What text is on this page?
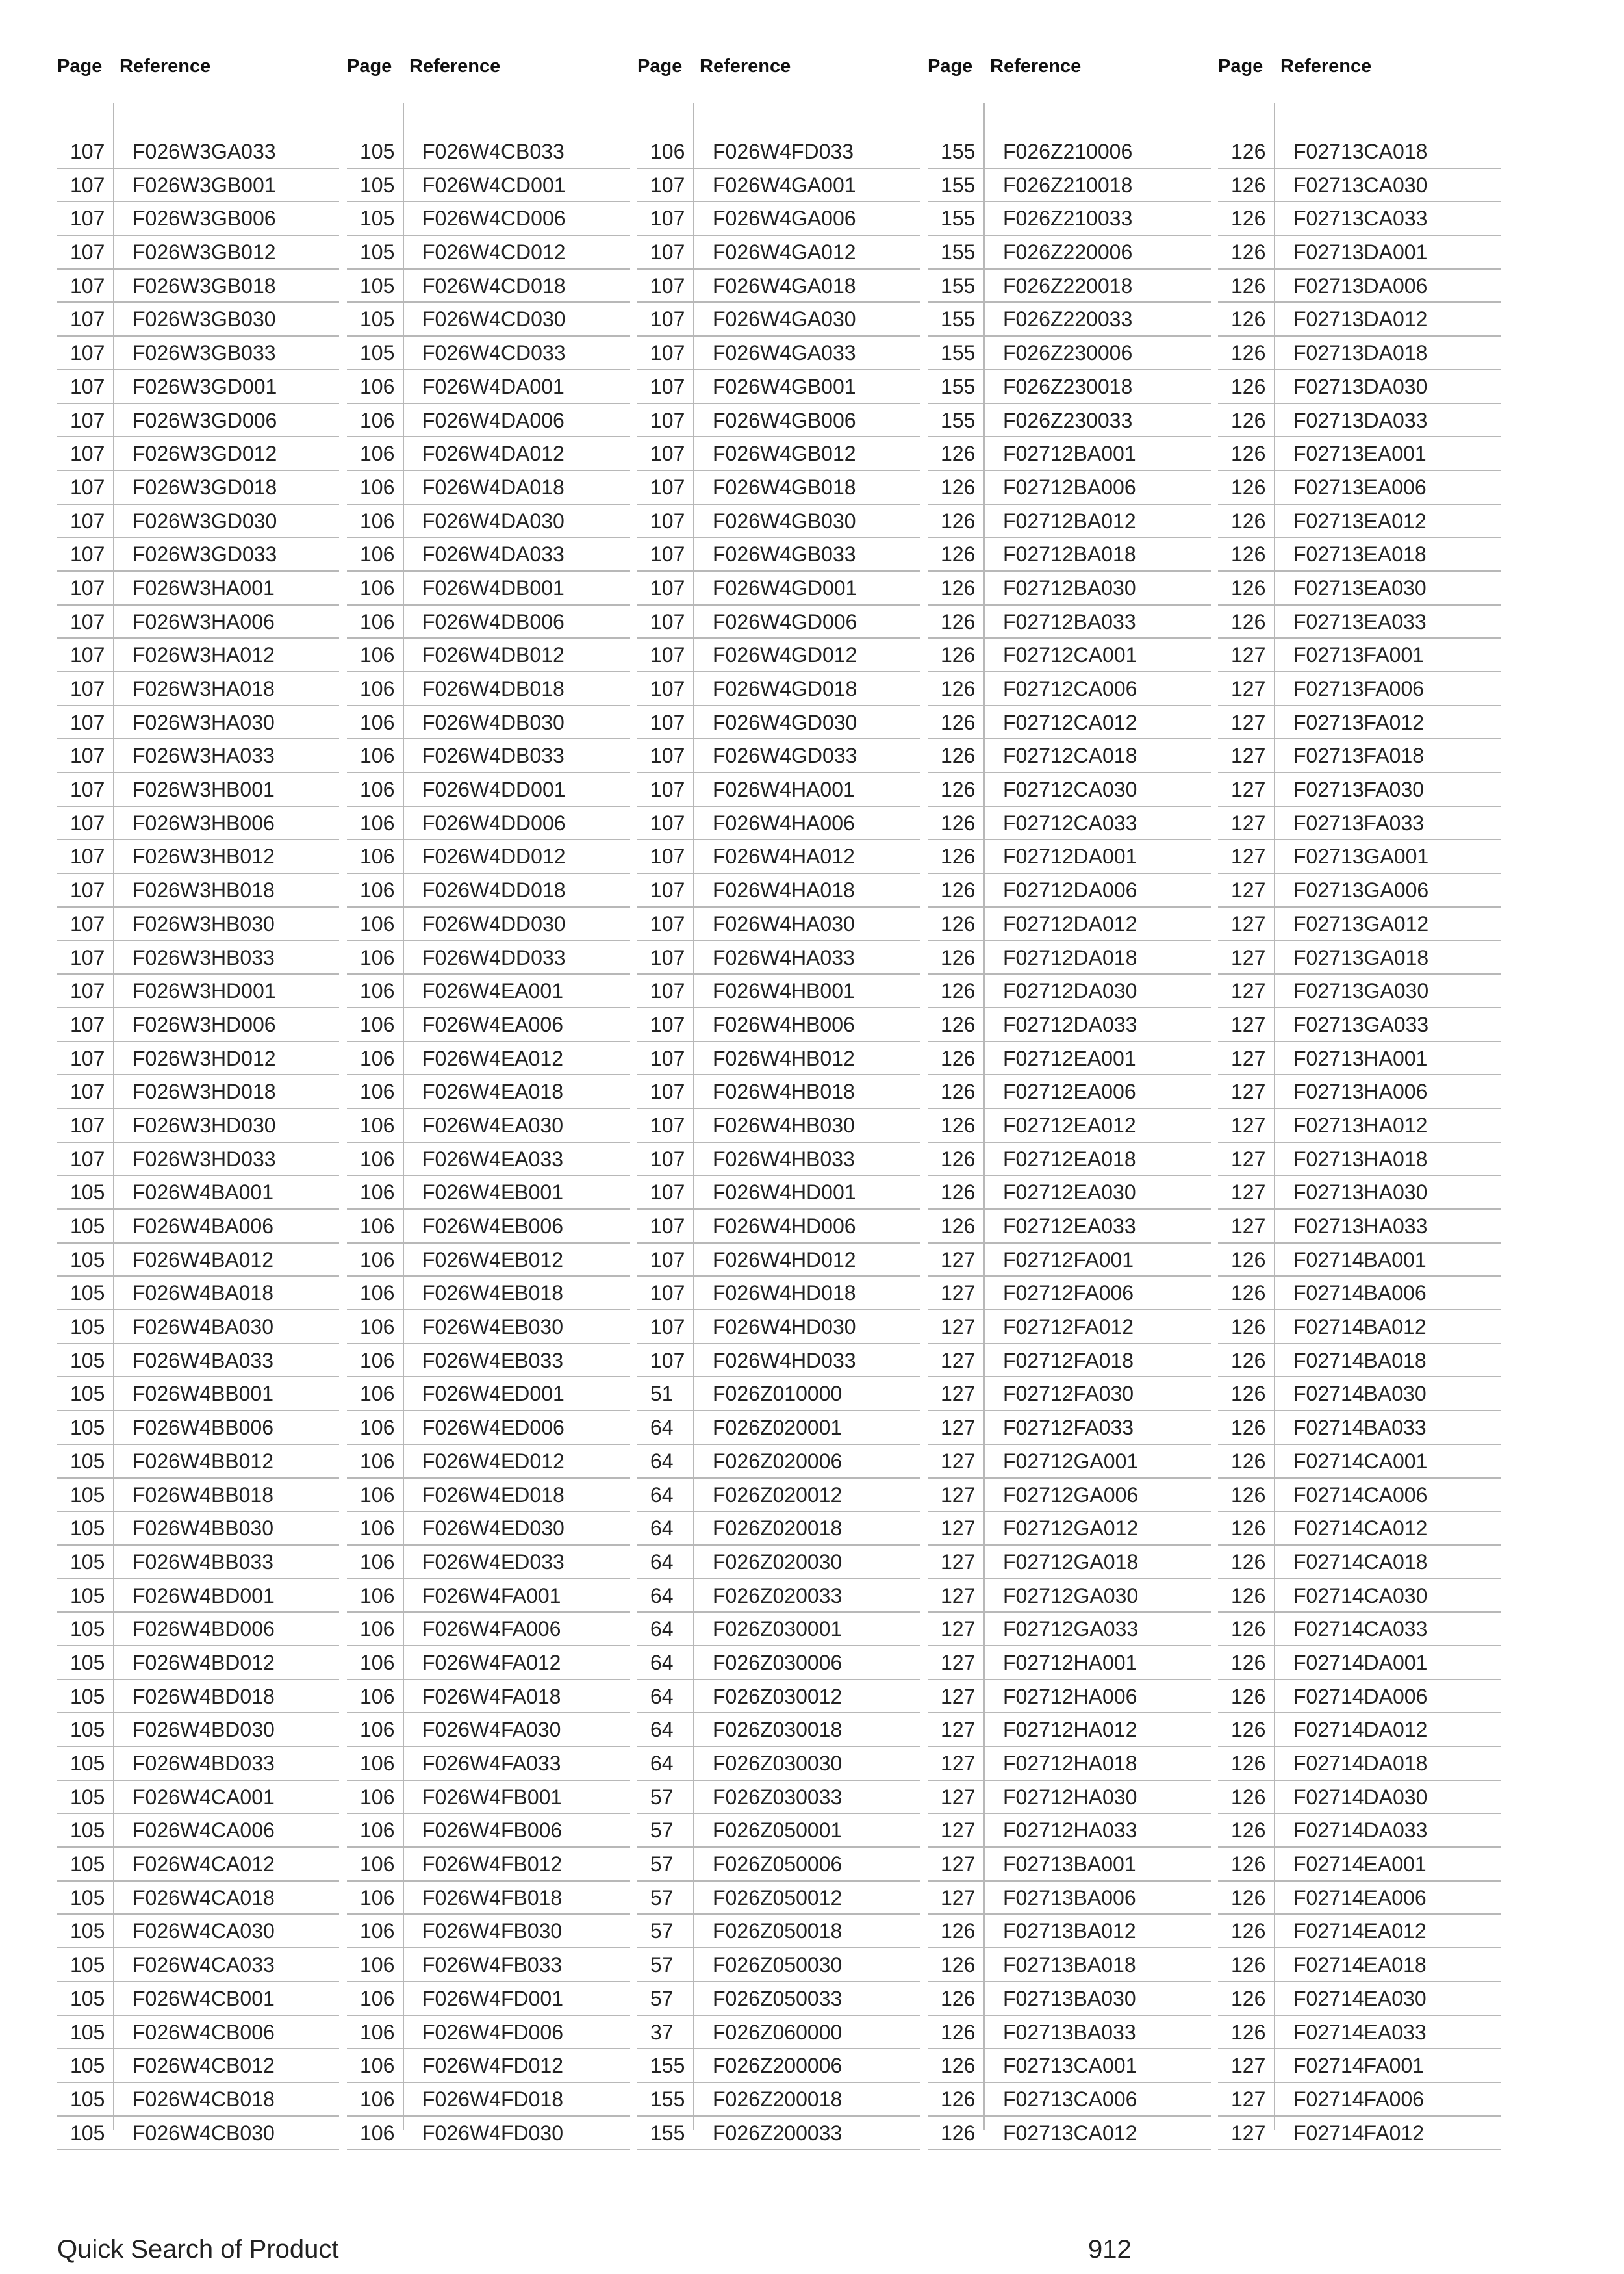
Page Reference
107 F026W3GA033
107 F026W3GB001
107 F026W3GB006
107 F026W3GB012
107 F026W3GB018
107 F026W3GB030
107 F026W3GB033
107 F026W3GD001
107 F026W3GD006
107 F026W3GD012
107 F026W3GD018
107 F026W3GD030
107 F026W3GD033
107 F026W3HA001
107 F026W3HA006
107 F026W3HA012
107 F026W3HA018
107 F026W3HA030
107 F026W3HA033
107 F026W3HB001
107 F026W3HB006
107 F026W3HB012
107 F026W3HB018
107 F026W3HB030
107 F026W3HB033
107 F026W3HD001
107 F026W3HD006
107 F026W3HD012
107 F026W3HD018
107 F026W3HD030
107 F026W3HD033
105 F026W4BA001
105 F026W4BA006
105 F026W4BA012
105 F026W4BA018
105 F026W4BA030
105 F026W4BA033
105 F026W4BB001
105 F026W4BB006
105 F026W4BB012
105 F026W4BB018
105 F026W4BB030
105 F026W4BB033
105 F026W4BD001
105 F026W4BD006
105 F026W4BD012
105 F026W4BD018
105 F026W4BD030
105 F026W4BD033
105 F026W4CA001
105 F026W4CA006
105 F026W4CA012
105 F026W4CA018
105 F026W4CA030
105 F026W4CA033
105 F026W4CB001
105 F026W4CB006
105 F026W4CB012
105 F026W4CB018
105 F026W4CB030
Page Reference
105 F026W4CB033
105 F026W4CD001
105 F026W4CD006
105 F026W4CD012
105 F026W4CD018
105 F026W4CD030
105 F026W4CD033
106 F026W4DA001
106 F026W4DA006
106 F026W4DA012
106 F026W4DA018
106 F026W4DA030
106 F026W4DA033
106 F026W4DB001
106 F026W4DB006
106 F026W4DB012
106 F026W4DB018
106 F026W4DB030
106 F026W4DB033
106 F026W4DD001
106 F026W4DD006
106 F026W4DD012
106 F026W4DD018
106 F026W4DD030
106 F026W4DD033
106 F026W4EA001
106 F026W4EA006
106 F026W4EA012
106 F026W4EA018
106 F026W4EA030
106 F026W4EA033
106 F026W4EB001
106 F026W4EB006
106 F026W4EB012
106 F026W4EB018
106 F026W4EB030
106 F026W4EB033
106 F026W4ED001
106 F026W4ED006
106 F026W4ED012
106 F026W4ED018
106 F026W4ED030
106 F026W4ED033
106 F026W4FA001
106 F026W4FA006
106 F026W4FA012
106 F026W4FA018
106 F026W4FA030
106 F026W4FA033
106 F026W4FB001
106 F026W4FB006
106 F026W4FB012
106 F026W4FB018
106 F026W4FB030
106 F026W4FB033
106 F026W4FD001
106 F026W4FD006
106 F026W4FD012
106 F026W4FD018
106 F026W4FD030
Page Reference
106 F026W4FD033
107 F026W4GA001
107 F026W4GA006
107 F026W4GA012
107 F026W4GA018
107 F026W4GA030
107 F026W4GA033
107 F026W4GB001
107 F026W4GB006
107 F026W4GB012
107 F026W4GB018
107 F026W4GB030
107 F026W4GB033
107 F026W4GD001
107 F026W4GD006
107 F026W4GD012
107 F026W4GD018
107 F026W4GD030
107 F026W4GD033
107 F026W4HA001
107 F026W4HA006
107 F026W4HA012
107 F026W4HA018
107 F026W4HA030
107 F026W4HA033
107 F026W4HB001
107 F026W4HB006
107 F026W4HB012
107 F026W4HB018
107 F026W4HB030
107 F026W4HB033
107 F026W4HD001
107 F026W4HD006
107 F026W4HD012
107 F026W4HD018
107 F026W4HD030
107 F026W4HD033
51	F026Z010000
64	F026Z020001
64	F026Z020006
64	F026Z020012
64	F026Z020018
64	F026Z020030
64	F026Z020033
64	F026Z030001
64	F026Z030006
64	F026Z030012
64	F026Z030018
64	F026Z030030
57	F026Z030033
57	F026Z050001
57	F026Z050006
57	F026Z050012
57	F026Z050018
57	F026Z050030
57	F026Z050033
37	F026Z060000
155 F026Z200006
155 F026Z200018
155 F026Z200033
Page Reference
155 F026Z210006
155 F026Z210018
155 F026Z210033
155 F026Z220006
155 F026Z220018
155 F026Z220033
155 F026Z230006
155 F026Z230018
155 F026Z230033
126 F02712BA001
126 F02712BA006
126 F02712BA012
126 F02712BA018
126 F02712BA030
126 F02712BA033
126 F02712CA001
126 F02712CA006
126 F02712CA012
126 F02712CA018
126 F02712CA030
126 F02712CA033
126 F02712DA001
126 F02712DA006
126 F02712DA012
126 F02712DA018
126 F02712DA030
126 F02712DA033
126 F02712EA001
126 F02712EA006
126 F02712EA012
126 F02712EA018
126 F02712EA030
126 F02712EA033
127 F02712FA001
127 F02712FA006
127 F02712FA012
127 F02712FA018
127 F02712FA030
127 F02712FA033
127 F02712GA001
127 F02712GA006
127 F02712GA012
127 F02712GA018
127 F02712GA030
127 F02712GA033
127 F02712HA001
127 F02712HA006
127 F02712HA012
127 F02712HA018
127 F02712HA030
127 F02712HA033
127 F02713BA001
127 F02713BA006
126 F02713BA012
126 F02713BA018
126 F02713BA030
126 F02713BA033
126 F02713CA001
126 F02713CA006
126 F02713CA012
Page Reference
126 F02713CA018
126 F02713CA030
126 F02713CA033
126 F02713DA001
126 F02713DA006
126 F02713DA012
126 F02713DA018
126 F02713DA030
126 F02713DA033
126 F02713EA001
126 F02713EA006
126 F02713EA012
126 F02713EA018
126 F02713EA030
126 F02713EA033
127 F02713FA001
127 F02713FA006
127 F02713FA012
127 F02713FA018
127 F02713FA030
127 F02713FA033
127 F02713GA001
127 F02713GA006
127 F02713GA012
127 F02713GA018
127 F02713GA030
127 F02713GA033
127 F02713HA001
127 F02713HA006
127 F02713HA012
127 F02713HA018
127 F02713HA030
127 F02713HA033
126 F02714BA001
126 F02714BA006
126 F02714BA012
126 F02714BA018
126 F02714BA030
126 F02714BA033
126 F02714CA001
126 F02714CA006
126 F02714CA012
126 F02714CA018
126 F02714CA030
126 F02714CA033
126 F02714DA001
126 F02714DA006
126 F02714DA012
126 F02714DA018
126 F02714DA030
126 F02714DA033
126 F02714EA001
126 F02714EA006
126 F02714EA012
126 F02714EA018
126 F02714EA030
126 F02714EA033
127 F02714FA001
127 F02714FA006
127 F02714FA012
Quick Search of Product	912
